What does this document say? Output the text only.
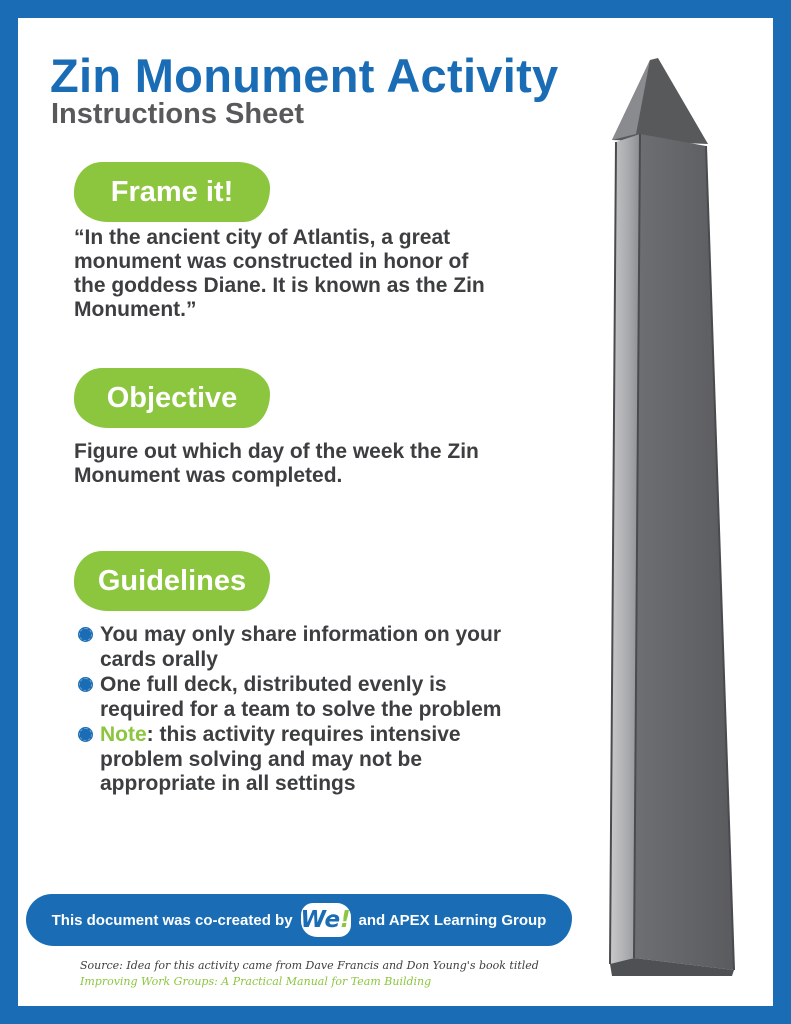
Zin Monument Activity
Instructions Sheet
Frame it!
“In the ancient city of Atlantis, a great monument was constructed in honor of the goddess Diane. It is known as the Zin Monument.”
Objective
Figure out which day of the week the Zin Monument was completed.
Guidelines
You may only share information on your cards orally
One full deck, distributed evenly is required for a team to solve the problem
Note: this activity requires intensive problem solving and may not be appropriate in all settings
This document was co-created by We ! and APEX Learning Group
Source: Idea for this activity came from Dave Francis and Don Young's book titled Improving Work Groups: A Practical Manual for Team Building
